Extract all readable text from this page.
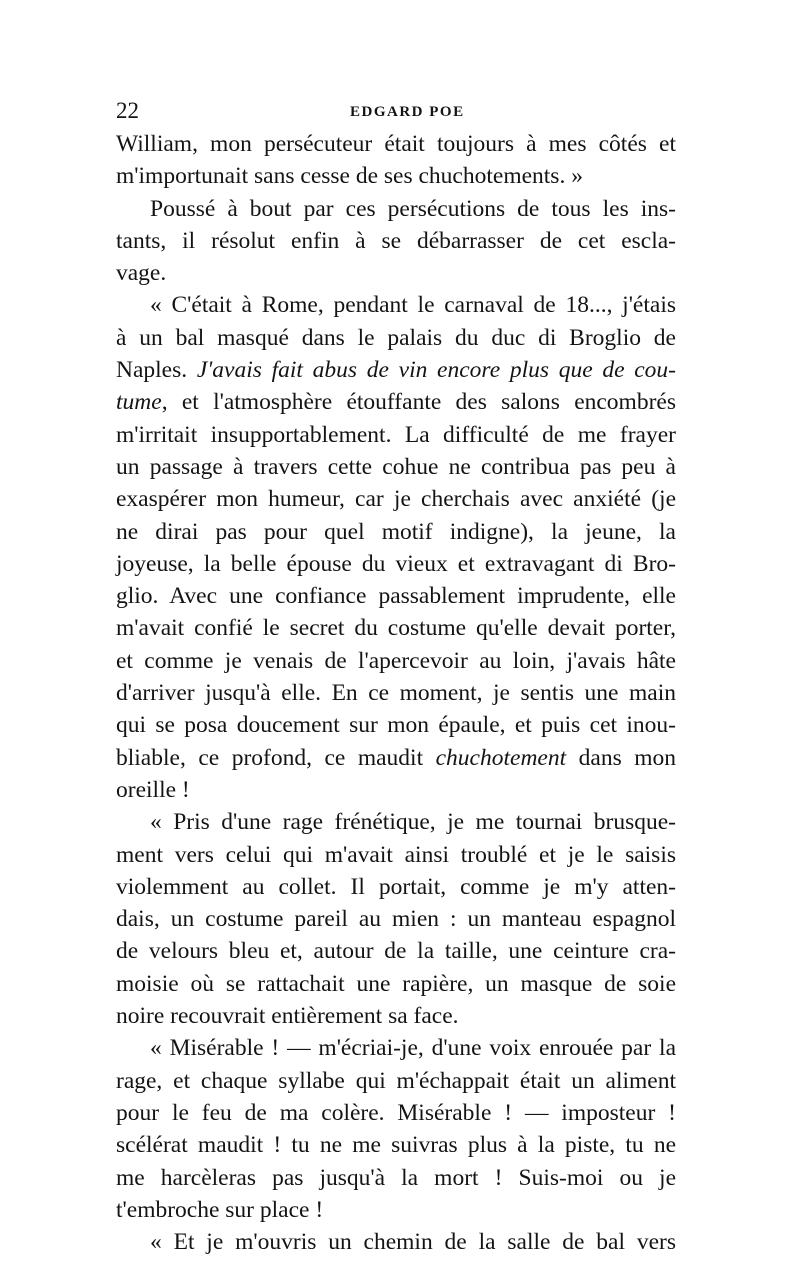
22	EDGARD POE
William, mon persécuteur était toujours à mes côtés et
m'importunait sans cesse de ses chuchotements. »
Poussé à bout par ces persécutions de tous les ins-
tants, il résolut enfin à se débarrasser de cet escla-
vage.
« C'était à Rome, pendant le carnaval de 18..., j'étais
à un bal masqué dans le palais du duc di Broglio de
Naples. J'avais fait abus de vin encore plus que de cou-
tume, et l'atmosphère étouffante des salons encombrés
m'irritait insupportablement. La difficulté de me frayer
un passage à travers cette cohue ne contribua pas peu à
exaspérer mon humeur, car je cherchais avec anxiété (je
ne dirai pas pour quel motif indigne), la jeune, la
joyeuse, la belle épouse du vieux et extravagant di Bro-
glio. Avec une confiance passablement imprudente, elle
m'avait confié le secret du costume qu'elle devait porter,
et comme je venais de l'apercevoir au loin, j'avais hâte
d'arriver jusqu'à elle. En ce moment, je sentis une main
qui se posa doucement sur mon épaule, et puis cet inou-
bliable, ce profond, ce maudit chuchotement dans mon
oreille !
« Pris d'une rage frénétique, je me tournai brusque-
ment vers celui qui m'avait ainsi troublé et je le saisis
violemment au collet. Il portait, comme je m'y atten-
dais, un costume pareil au mien : un manteau espagnol
de velours bleu et, autour de la taille, une ceinture cra-
moisie où se rattachait une rapière, un masque de soie
noire recouvrait entièrement sa face.
« Misérable ! — m'écriai-je, d'une voix enrouée par la
rage, et chaque syllabe qui m'échappait était un aliment
pour le feu de ma colère. Misérable ! — imposteur !
scélérat maudit ! tu ne me suivras plus à la piste, tu ne
me harcèleras pas jusqu'à la mort ! Suis-moi ou je
t'embroche sur place !
« Et je m'ouvris un chemin de la salle de bal vers
